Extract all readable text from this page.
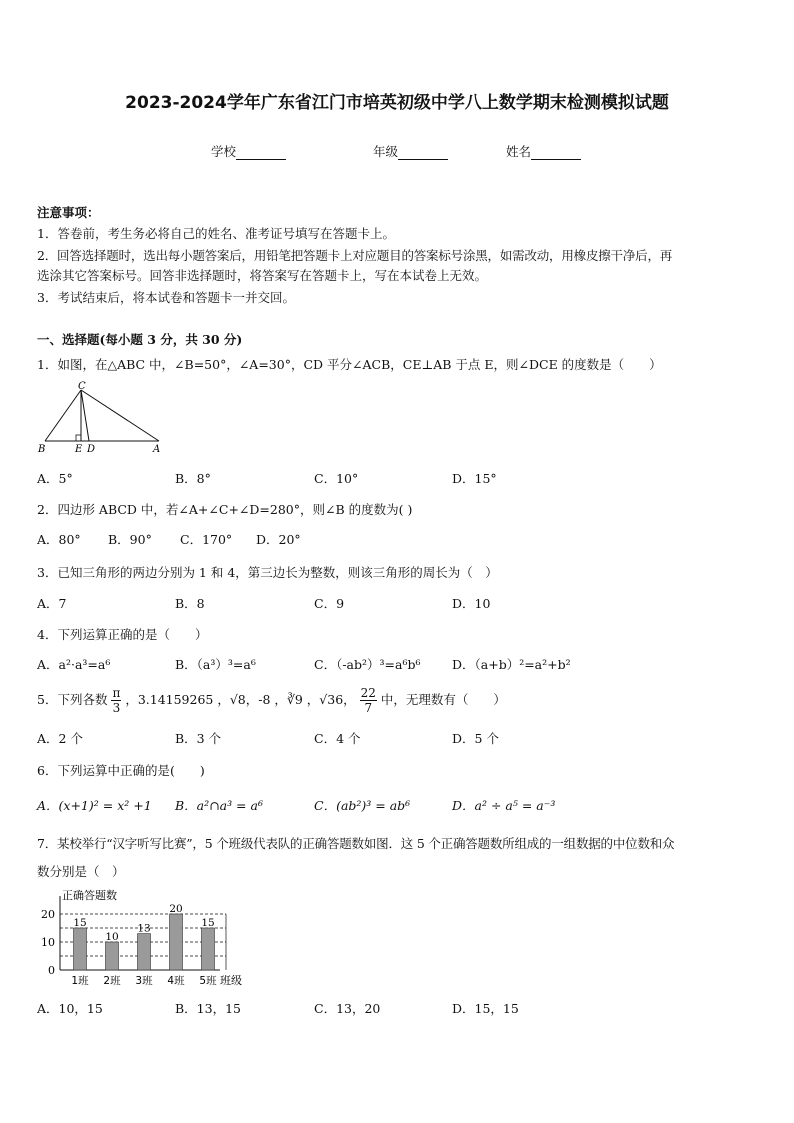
2023-2024学年广东省江门市培英初级中学八上数学期末检测模拟试题
学校	年级	姓名
注意事项：
1．答卷前，考生务必将自己的姓名、准考证号填写在答题卡上。
2．回答选择题时，选出每小题答案后，用铅笔把答题卡上对应题目的答案标号涂黑，如需改动，用橡皮擦干净后，再
选涂其它答案标号。回答非选择题时，将答案写在答题卡上，写在本试卷上无效。
3．考试结束后，将本试卷和答题卡一并交回。
一、选择题(每小题 3 分，共 30 分)
1．如图，在△ABC 中，∠B=50°，∠A=30°，CD 平分∠ACB，CE⊥AB 于点 E，则∠DCE 的度数是（　　）
C
B	E D	A
A．5°	B．8°	C．10°	D．15°
2．四边形 ABCD 中，若∠A+∠C+∠D=280°，则∠B 的度数为( )
A．80° B．90° C．170° D．20°
3．已知三角形的两边分别为 1 和 4，第三边长为整数，则该三角形的周长为（　）
A．7	B．8	C．9	D．10
4．下列运算正确的是（　　）
A．a²·a³=a⁶	B．（a³）³=a⁶	C．（-ab²）³=a⁶b⁶	D．（a+b）²=a²+b²
5．下列各数 $\frac{\pi}{3}$ ，3.14159265 ，√8，-8 ，∛9 ，√36， $\frac{22}{7}$ 中，无理数有（　　）
A．2 个	B．3 个	C．4 个	D．5 个
6．下列运算中正确的是(　　)
A．(x+1)² = x² +1 B．a²∩a³ = a⁶	C．(ab²)³ = ab⁶	D．a² ÷ a⁵ = a⁻³
7．某校举行“汉字听写比赛”，5 个班级代表队的正确答题数如图．这 5 个正确答题数所组成的一组数据的中位数和众
数分别是（　）
正确答题数
班级
0
10
20
15
1班
10
2班
13
3班
20
4班
15
5班
A．10，15	B．13，15	C．13，20	D．15，15
